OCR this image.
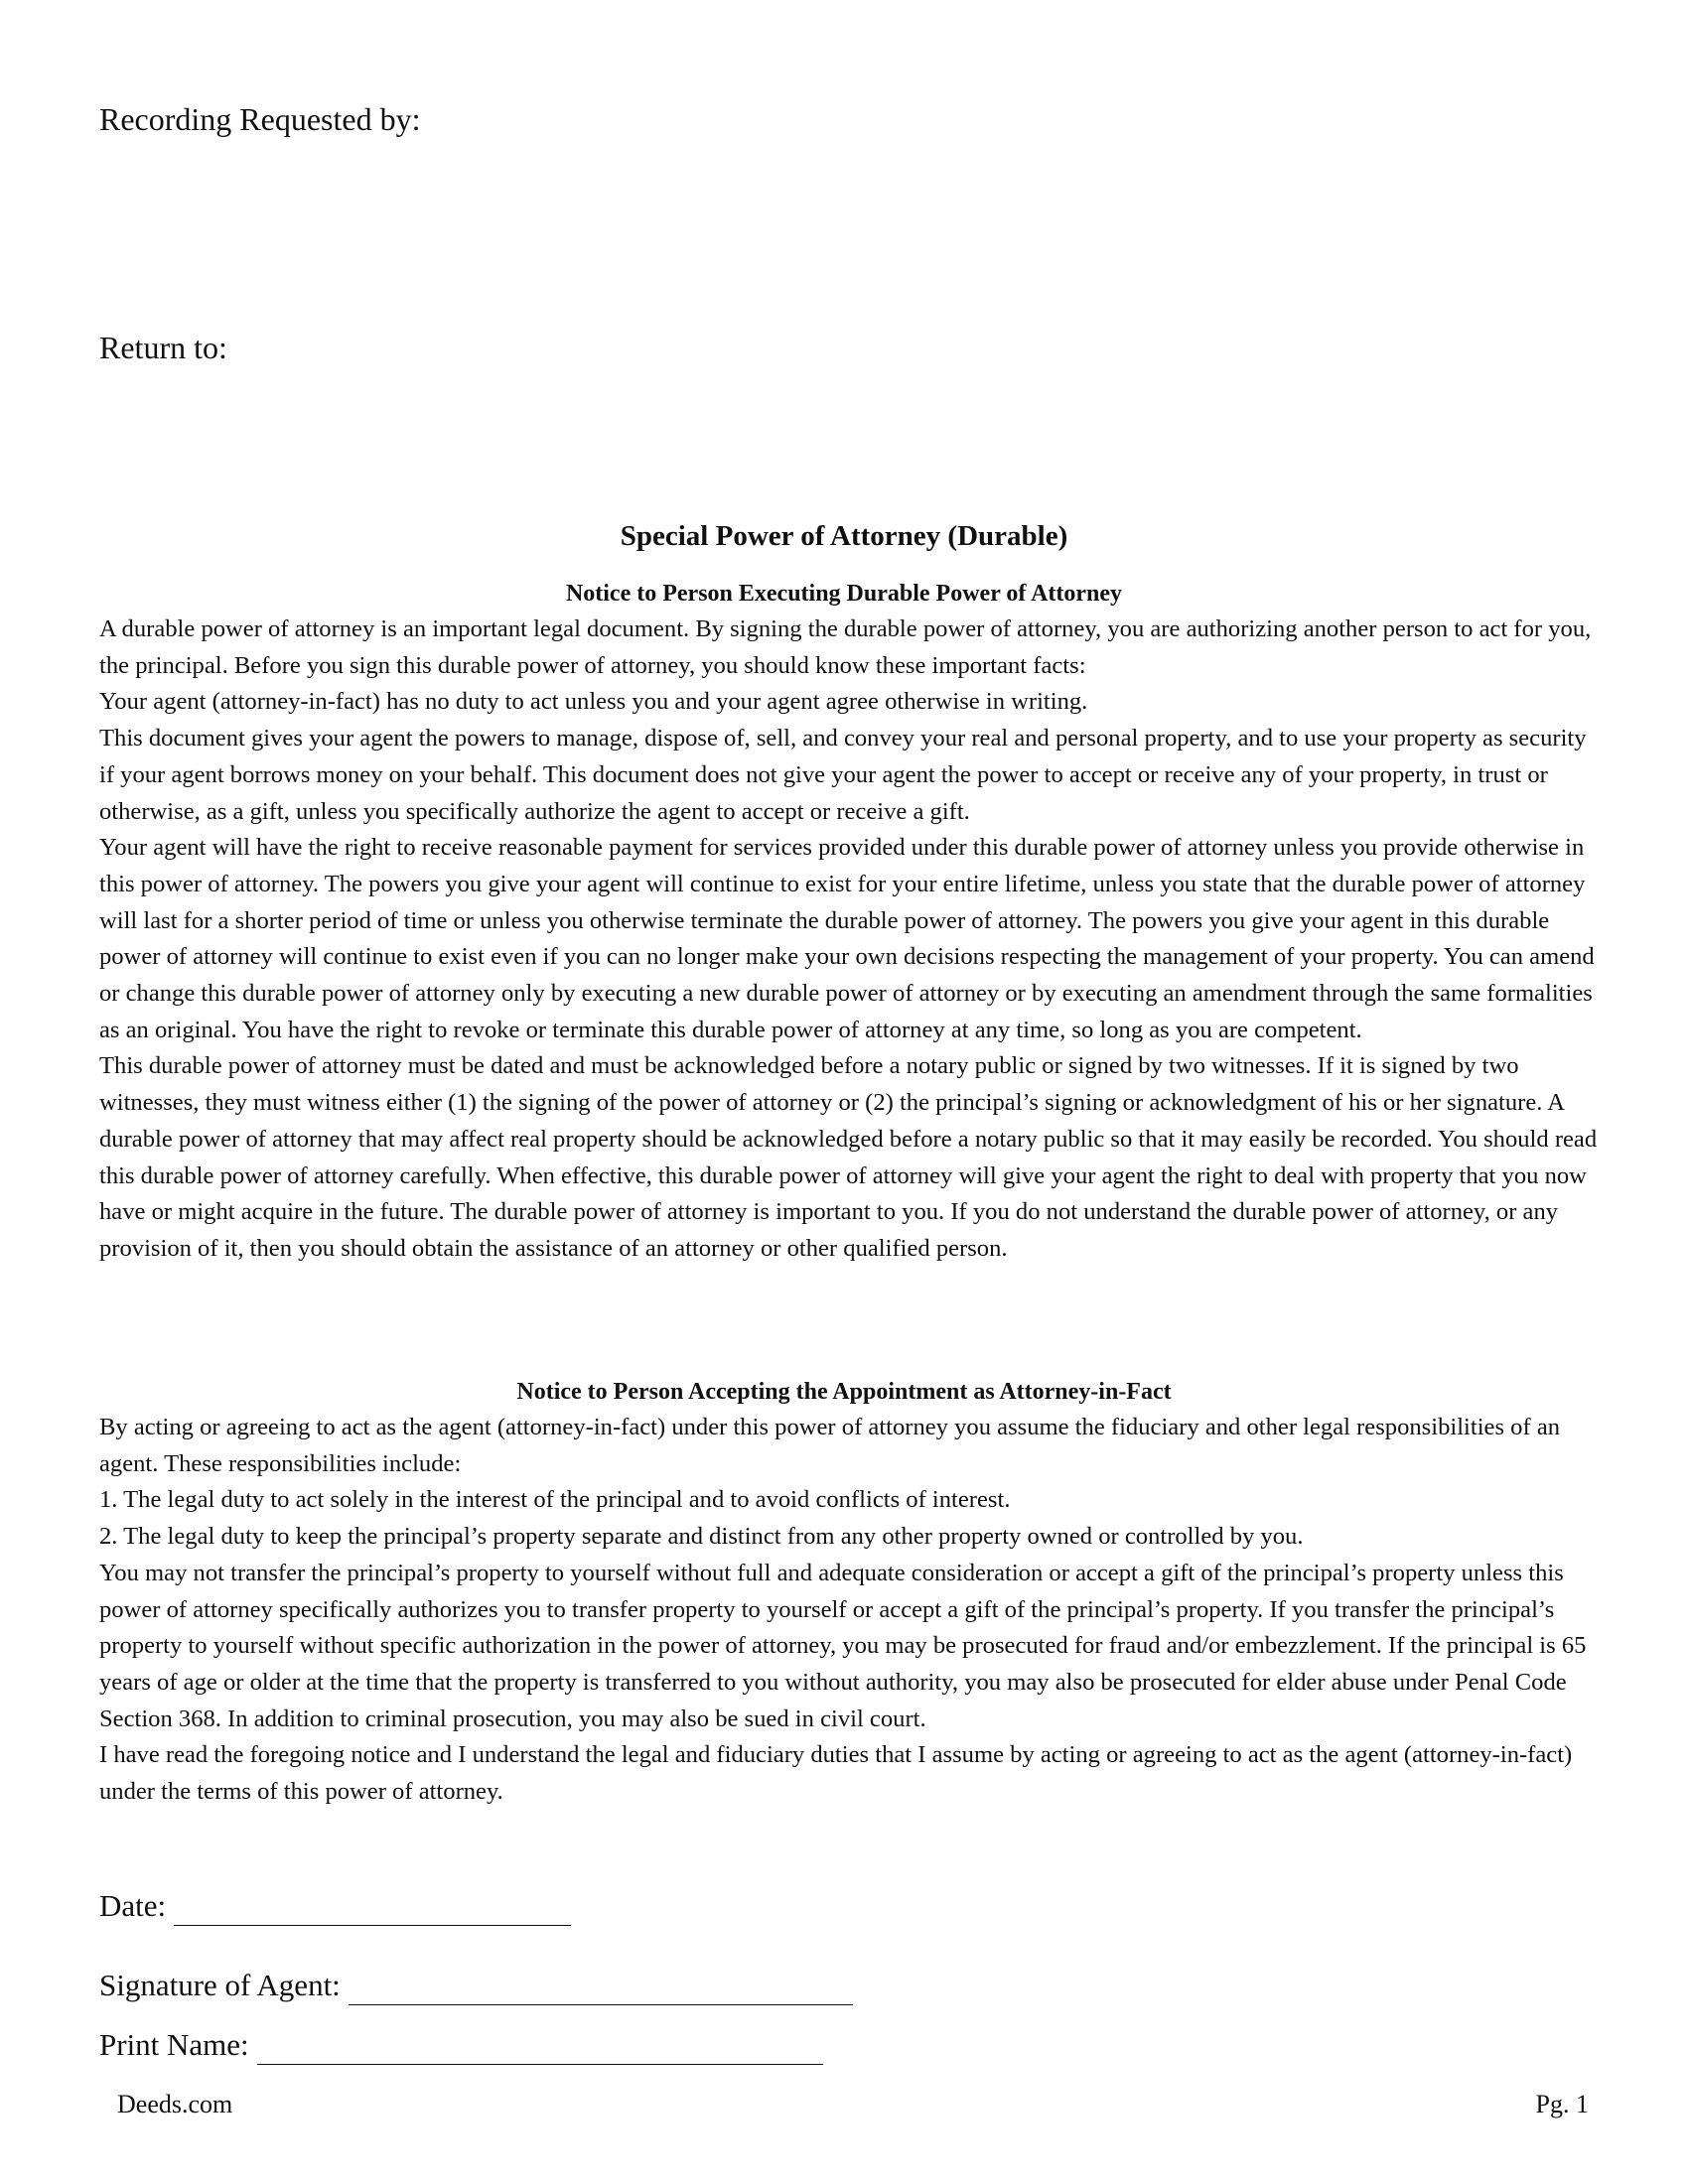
Recording Requested by:
Return to:
Special Power of Attorney (Durable)
Notice to Person Executing Durable Power of Attorney

A durable power of attorney is an important legal document. By signing the durable power of attorney, you are authorizing another person to act for you, the principal. Before you sign this durable power of attorney, you should know these important facts:

Your agent (attorney-in-fact) has no duty to act unless you and your agent agree otherwise in writing.

This document gives your agent the powers to manage, dispose of, sell, and convey your real and personal property, and to use your property as security if your agent borrows money on your behalf. This document does not give your agent the power to accept or receive any of your property, in trust or otherwise, as a gift, unless you specifically authorize the agent to accept or receive a gift.

Your agent will have the right to receive reasonable payment for services provided under this durable power of attorney unless you provide otherwise in this power of attorney. The powers you give your agent will continue to exist for your entire lifetime, unless you state that the durable power of attorney will last for a shorter period of time or unless you otherwise terminate the durable power of attorney. The powers you give your agent in this durable power of attorney will continue to exist even if you can no longer make your own decisions respecting the management of your property. You can amend or change this durable power of attorney only by executing a new durable power of attorney or by executing an amendment through the same formalities as an original. You have the right to revoke or terminate this durable power of attorney at any time, so long as you are competent.

This durable power of attorney must be dated and must be acknowledged before a notary public or signed by two witnesses. If it is signed by two witnesses, they must witness either (1) the signing of the power of attorney or (2) the principal’s signing or acknowledgment of his or her signature. A durable power of attorney that may affect real property should be acknowledged before a notary public so that it may easily be recorded. You should read this durable power of attorney carefully. When effective, this durable power of attorney will give your agent the right to deal with property that you now have or might acquire in the future. The durable power of attorney is important to you. If you do not understand the durable power of attorney, or any provision of it, then you should obtain the assistance of an attorney or other qualified person.

Notice to Person Accepting the Appointment as Attorney-in-Fact

By acting or agreeing to act as the agent (attorney-in-fact) under this power of attorney you assume the fiduciary and other legal responsibilities of an agent. These responsibilities include:

1. The legal duty to act solely in the interest of the principal and to avoid conflicts of interest.

2. The legal duty to keep the principal’s property separate and distinct from any other property owned or controlled by you.

You may not transfer the principal’s property to yourself without full and adequate consideration or accept a gift of the principal’s property unless this power of attorney specifically authorizes you to transfer property to yourself or accept a gift of the principal’s property. If you transfer the principal’s property to yourself without specific authorization in the power of attorney, you may be prosecuted for fraud and/or embezzlement. If the principal is 65 years of age or older at the time that the property is transferred to you without authority, you may also be prosecuted for elder abuse under Penal Code Section 368. In addition to criminal prosecution, you may also be sued in civil court.

I have read the foregoing notice and I understand the legal and fiduciary duties that I assume by acting or agreeing to act as the agent (attorney-in-fact) under the terms of this power of attorney.

Date:
Signature of Agent:
Print Name:
Deeds.com	Pg. 1
